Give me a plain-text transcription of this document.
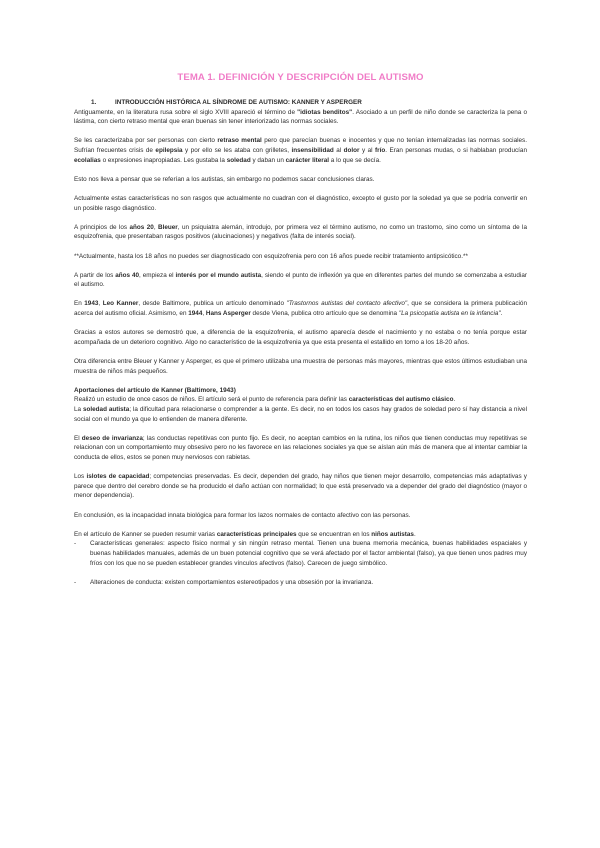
TEMA 1. DEFINICIÓN Y DESCRIPCIÓN DEL AUTISMO
1.	INTRODUCCIÓN HISTÓRICA AL SÍNDROME DE AUTISMO: KANNER Y ASPERGER

Antiguamente, en la literatura rusa sobre el siglo XVIII apareció el término de "idiotas benditos". Asociado a un perfil de niño donde se caracteriza la pena o lástima, con cierto retraso mental que eran buenas sin tener interiorizado las normas sociales.

Se les caracterizaba por ser personas con cierto retraso mental pero que parecían buenas e inocentes y que no tenían internalizadas las normas sociales. Sufrían frecuentes crisis de epilepsia y por ello se les ataba con grilletes, insensibilidad al dolor y al frío. Eran personas mudas, o si hablaban producían ecolalias o expresiones inapropiadas. Les gustaba la soledad y daban un carácter literal a lo que se decía.

Esto nos lleva a pensar que se referían a los autistas, sin embargo no podemos sacar conclusiones claras.

Actualmente estas características no son rasgos que actualmente no cuadran con el diagnóstico, excepto el gusto por la soledad ya que se podría convertir en un posible rasgo diagnóstico.

A principios de los años 20, Bleuer, un psiquiatra alemán, introdujo, por primera vez el término autismo, no como un trastorno, sino como un síntoma de la esquizofrenia, que presentaban rasgos positivos (alucinaciones) y negativos (falta de interés social).

**Actualmente, hasta los 18 años no puedes ser diagnosticado con esquizofrenia pero con 16 años puede recibir tratamiento antipsicótico.**

A partir de los años 40, empieza el interés por el mundo autista, siendo el punto de inflexión ya que en diferentes partes del mundo se comenzaba a estudiar el autismo.

En 1943, Leo Kanner, desde Baltimore, publica un artículo denominado "Trastornos autistas del contacto afectivo", que se considera la primera publicación acerca del autismo oficial. Asimismo, en 1944, Hans Asperger desde Viena, publica otro artículo que se denomina "La psicopatía autista en la infancia".

Gracias a estos autores se demostró que, a diferencia de la esquizofrenia, el autismo aparecía desde el nacimiento y no estaba o no tenía porque estar acompañada de un deterioro cognitivo. Algo no característico de la esquizofrenia ya que esta presenta el estallido en torno a los 18-20 años.

Otra diferencia entre Bleuer y Kanner y Asperger, es que el primero utilizaba una muestra de personas más mayores, mientras que estos últimos estudiaban una muestra de niños más pequeños.

Aportaciones del artículo de Kanner (Baltimore, 1943)

Realizó un estudio de once casos de niños. El artículo será el punto de referencia para definir las características del autismo clásico.

La soledad autista; la dificultad para relacionarse o comprender a la gente. Es decir, no en todos los casos hay grados de soledad pero sí hay distancia a nivel social con el mundo ya que lo entienden de manera diferente.

El deseo de invarianza; las conductas repetitivas con punto fijo. Es decir, no aceptan cambios en la rutina, los niños que tienen conductas muy repetitivas se relacionan con un comportamiento muy obsesivo pero no les favorece en las relaciones sociales ya que se aíslan aún más de manera que al intentar cambiar la conducta de ellos, estos se ponen muy nerviosos con rabietas.

Los islotes de capacidad; competencias preservadas. Es decir, dependen del grado, hay niños que tienen mejor desarrollo, competencias más adaptativas y parece que dentro del cerebro donde se ha producido el daño actúan con normalidad; lo que está preservado va a depender del grado del diagnóstico (mayor o menor dependencia).

En conclusión, es la incapacidad innata biológica para formar los lazos normales de contacto afectivo con las personas.

En el artículo de Kanner se pueden resumir varias características principales que se encuentran en los niños autistas.

- Características generales: aspecto físico normal y sin ningún retraso mental. Tienen una buena memoria mecánica, buenas habilidades espaciales y buenas habilidades manuales, además de un buen potencial cognitivo que se verá afectado por el factor ambiental (falso), ya que tienen unos padres muy fríos con los que no se pueden establecer grandes vínculos afectivos (falso). Carecen de juego simbólico.
- Alteraciones de conducta: existen comportamientos estereotipados y una obsesión por la invarianza.
